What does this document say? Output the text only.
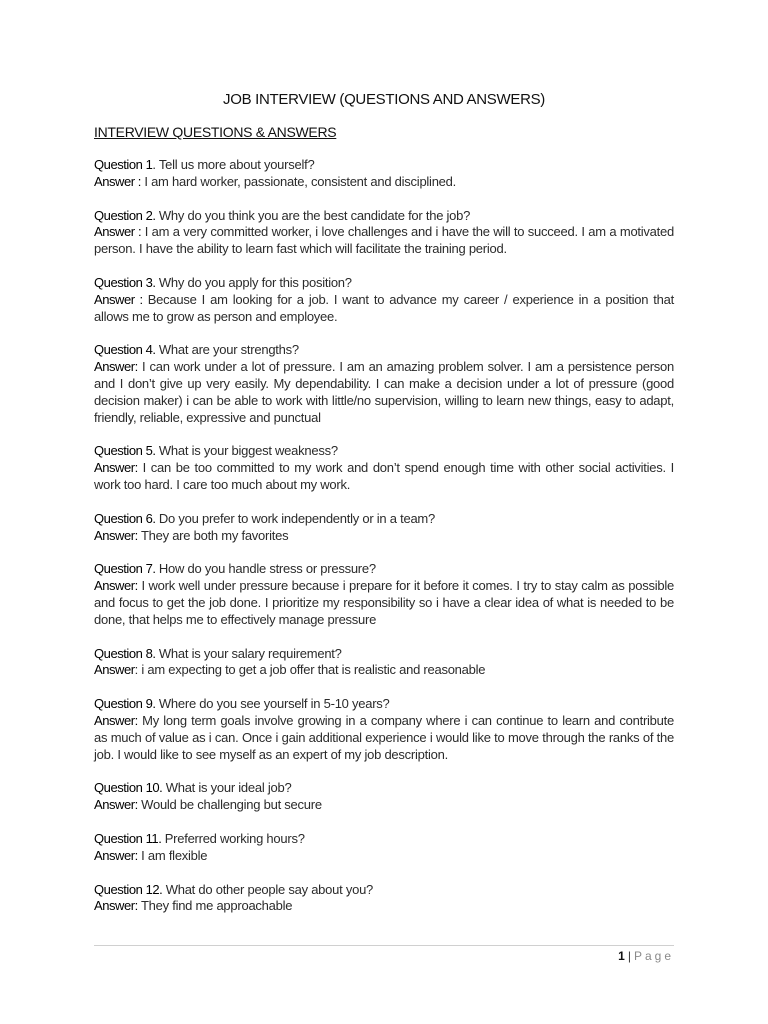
JOB INTERVIEW (QUESTIONS AND ANSWERS)
INTERVIEW QUESTIONS & ANSWERS

Question 1. Tell us more about yourself?

Answer : I am hard worker, passionate, consistent and disciplined.

Question 2. Why do you think you are the best candidate for the job?

Answer : I am a very committed worker, i love challenges and i have the will to succeed. I am a motivated person. I have the ability to learn fast which will facilitate the training period.

Question 3. Why do you apply for this position?

Answer : Because I am looking for a job. I want to advance my career / experience in a position that allows me to grow as person and employee.

Question 4. What are your strengths?

Answer: I can work under a lot of pressure. I am an amazing problem solver. I am a persistence person and I don’t give up very easily. My dependability. I can make a decision under a lot of pressure (good decision maker) i can be able to work with little/no supervision, willing to learn new things, easy to adapt, friendly, reliable, expressive and punctual

Question 5. What is your biggest weakness?

Answer: I can be too committed to my work and don’t spend enough time with other social activities. I work too hard. I care too much about my work.

Question 6. Do you prefer to work independently or in a team?

Answer: They are both my favorites

Question 7. How do you handle stress or pressure?

Answer: I work well under pressure because i prepare for it before it comes. I try to stay calm as possible and focus to get the job done. I prioritize my responsibility so i have a clear idea of what is needed to be done, that helps me to effectively manage pressure

Question 8. What is your salary requirement?

Answer: i am expecting to get a job offer that is realistic and reasonable

Question 9. Where do you see yourself in 5-10 years?

Answer: My long term goals involve growing in a company where i can continue to learn and contribute as much of value as i can. Once i gain additional experience i would like to move through the ranks of the job. I would like to see myself as an expert of my job description.

Question 10. What is your ideal job?

Answer: Would be challenging but secure

Question 11. Preferred working hours?

Answer: I am flexible

Question 12. What do other people say about you?

Answer: They find me approachable

1 | Page
